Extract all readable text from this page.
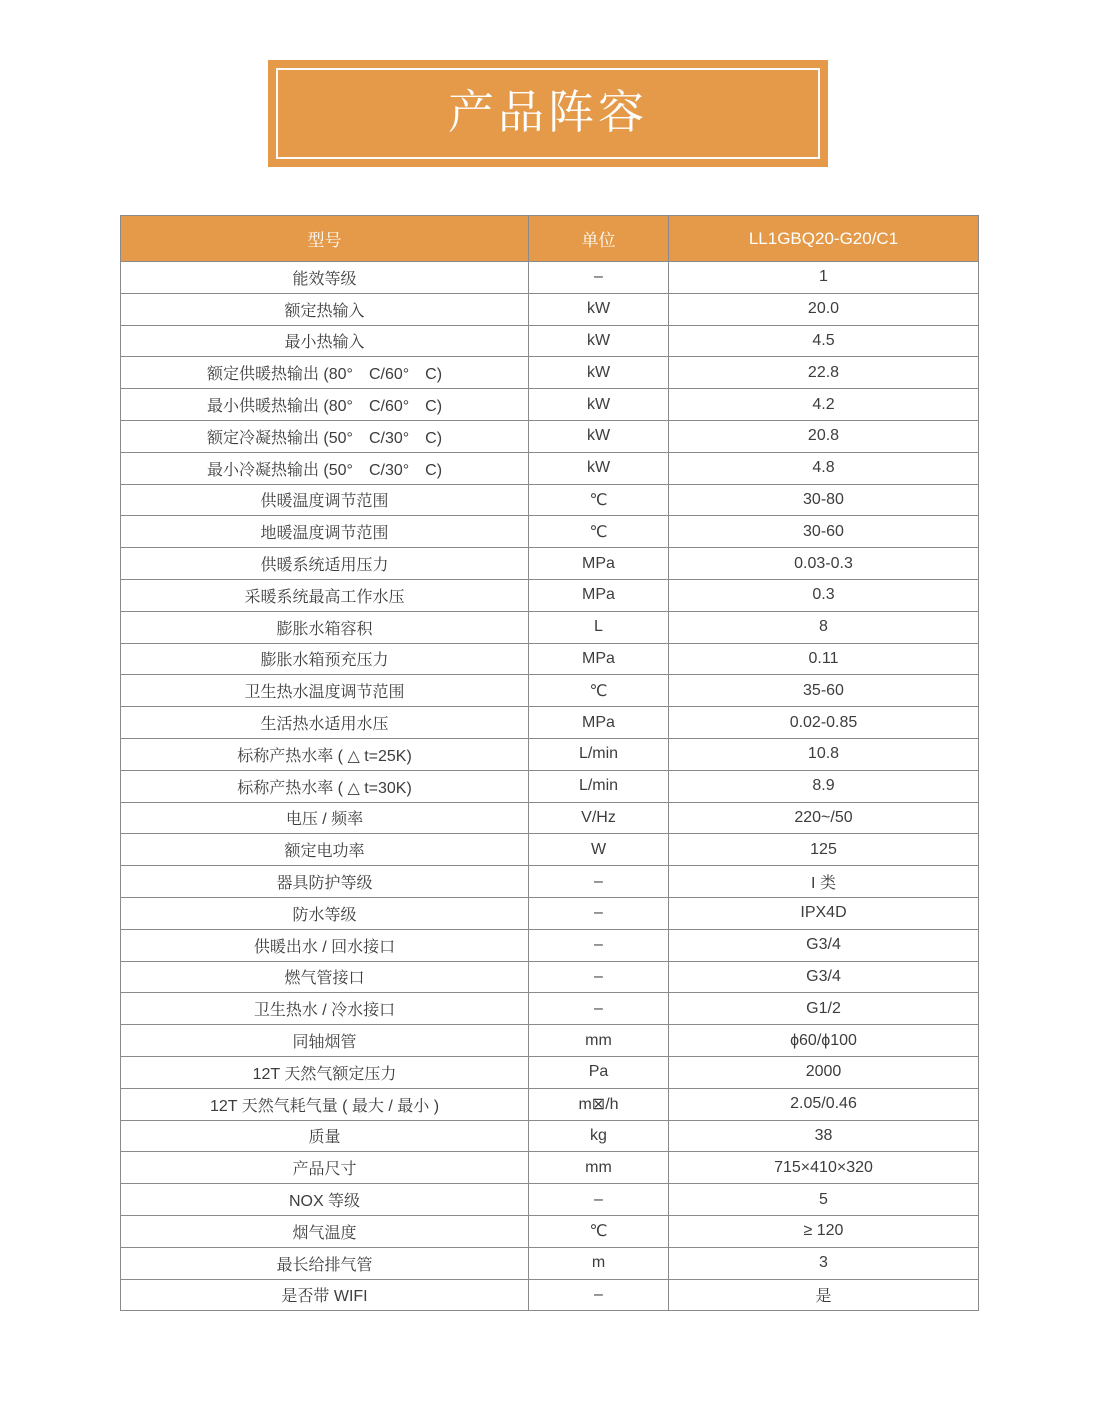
产品阵容
型号	单位	LL1GBQ20-G20/C1
能效等级	–	1
额定热输入	kW	20.0
最小热输入	kW	4.5
额定供暖热输出 (80°　C/60°　C)	kW	22.8
最小供暖热输出 (80°　C/60°　C)	kW	4.2
额定冷凝热输出 (50°　C/30°　C)	kW	20.8
最小冷凝热输出 (50°　C/30°　C)	kW	4.8
供暖温度调节范围	℃	30-80
地暖温度调节范围	℃	30-60
供暖系统适用压力	MPa	0.03-0.3
采暖系统最高工作水压	MPa	0.3
膨胀水箱容积	L	8
膨胀水箱预充压力	MPa	0.11
卫生热水温度调节范围	℃	35-60
生活热水适用水压	MPa	0.02-0.85
标称产热水率 ( △ t=25K)	L/min	10.8
标称产热水率 ( △ t=30K)	L/min	8.9
电压 / 频率	V/Hz	220~/50
额定电功率	W	125
器具防护等级	–	I 类
防水等级	–	IPX4D
供暖出水 / 回水接口	–	G3/4
燃气管接口	–	G3/4
卫生热水 / 冷水接口	–	G1/2
同轴烟管	mm	ϕ60/ϕ100
12T 天然气额定压力	Pa	2000
12T 天然气耗气量 ( 最大 / 最小 )	m⊠/h	2.05/0.46
质量	kg	38
产品尺寸	mm	715×410×320
NOX 等级	–	5
烟气温度	℃	≥ 120
最长给排气管	m	3
是否带 WIFI	–	是
